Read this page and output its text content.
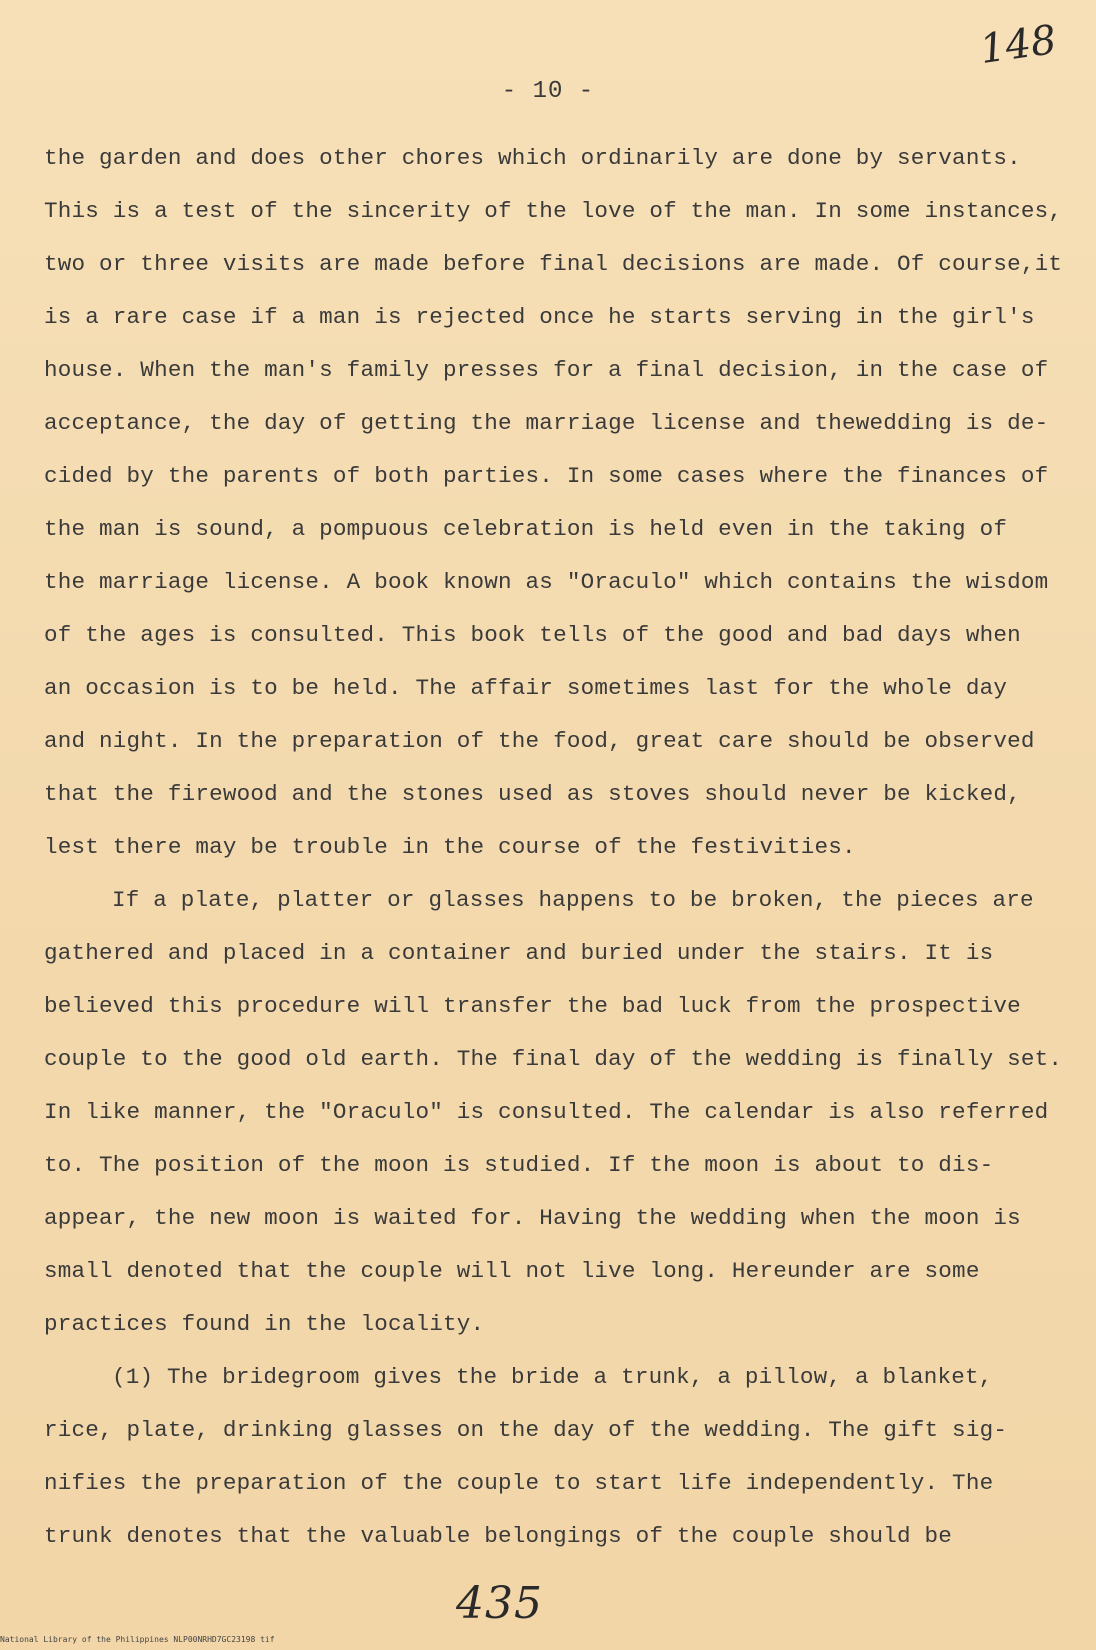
148
- 10 -
the garden and does other chores which ordinarily are done by servants.
This is a test of the sincerity of the love of the man. In some instances,
two or three visits are made before final decisions are made. Of course,it
is a rare case if a man is rejected once he starts serving in the girl's
house. When the man's family presses for a final decision, in the case of
acceptance, the day of getting the marriage license and thewedding is de-
cided by the parents of both parties. In some cases where the finances of
the man is sound, a pompuous celebration is held even in the taking of
the marriage license. A book known as "Oraculo" which contains the wisdom
of the ages is consulted. This book tells of the good and bad days when
an occasion is to be held. The affair sometimes last for the whole day
and night. In the preparation of the food, great care should be observed
that the firewood and the stones used as stoves should never be kicked,
lest there may be trouble in the course of the festivities.
If a plate, platter or glasses happens to be broken, the pieces are
gathered and placed in a container and buried under the stairs. It is
believed this procedure will transfer the bad luck from the prospective
couple to the good old earth. The final day of the wedding is finally set.
In like manner, the "Oraculo" is consulted. The calendar is also referred
to. The position of the moon is studied. If the moon is about to dis-
appear, the new moon is waited for. Having the wedding when the moon is
small denoted that the couple will not live long. Hereunder are some
practices found in the locality.
(1) The bridegroom gives the bride a trunk, a pillow, a blanket,
rice, plate, drinking glasses on the day of the wedding. The gift sig-
nifies the preparation of the couple to start life independently. The
trunk denotes that the valuable belongings of the couple should be
435
National Library of the Philippines NLP00NRHD7GC23198 tif
